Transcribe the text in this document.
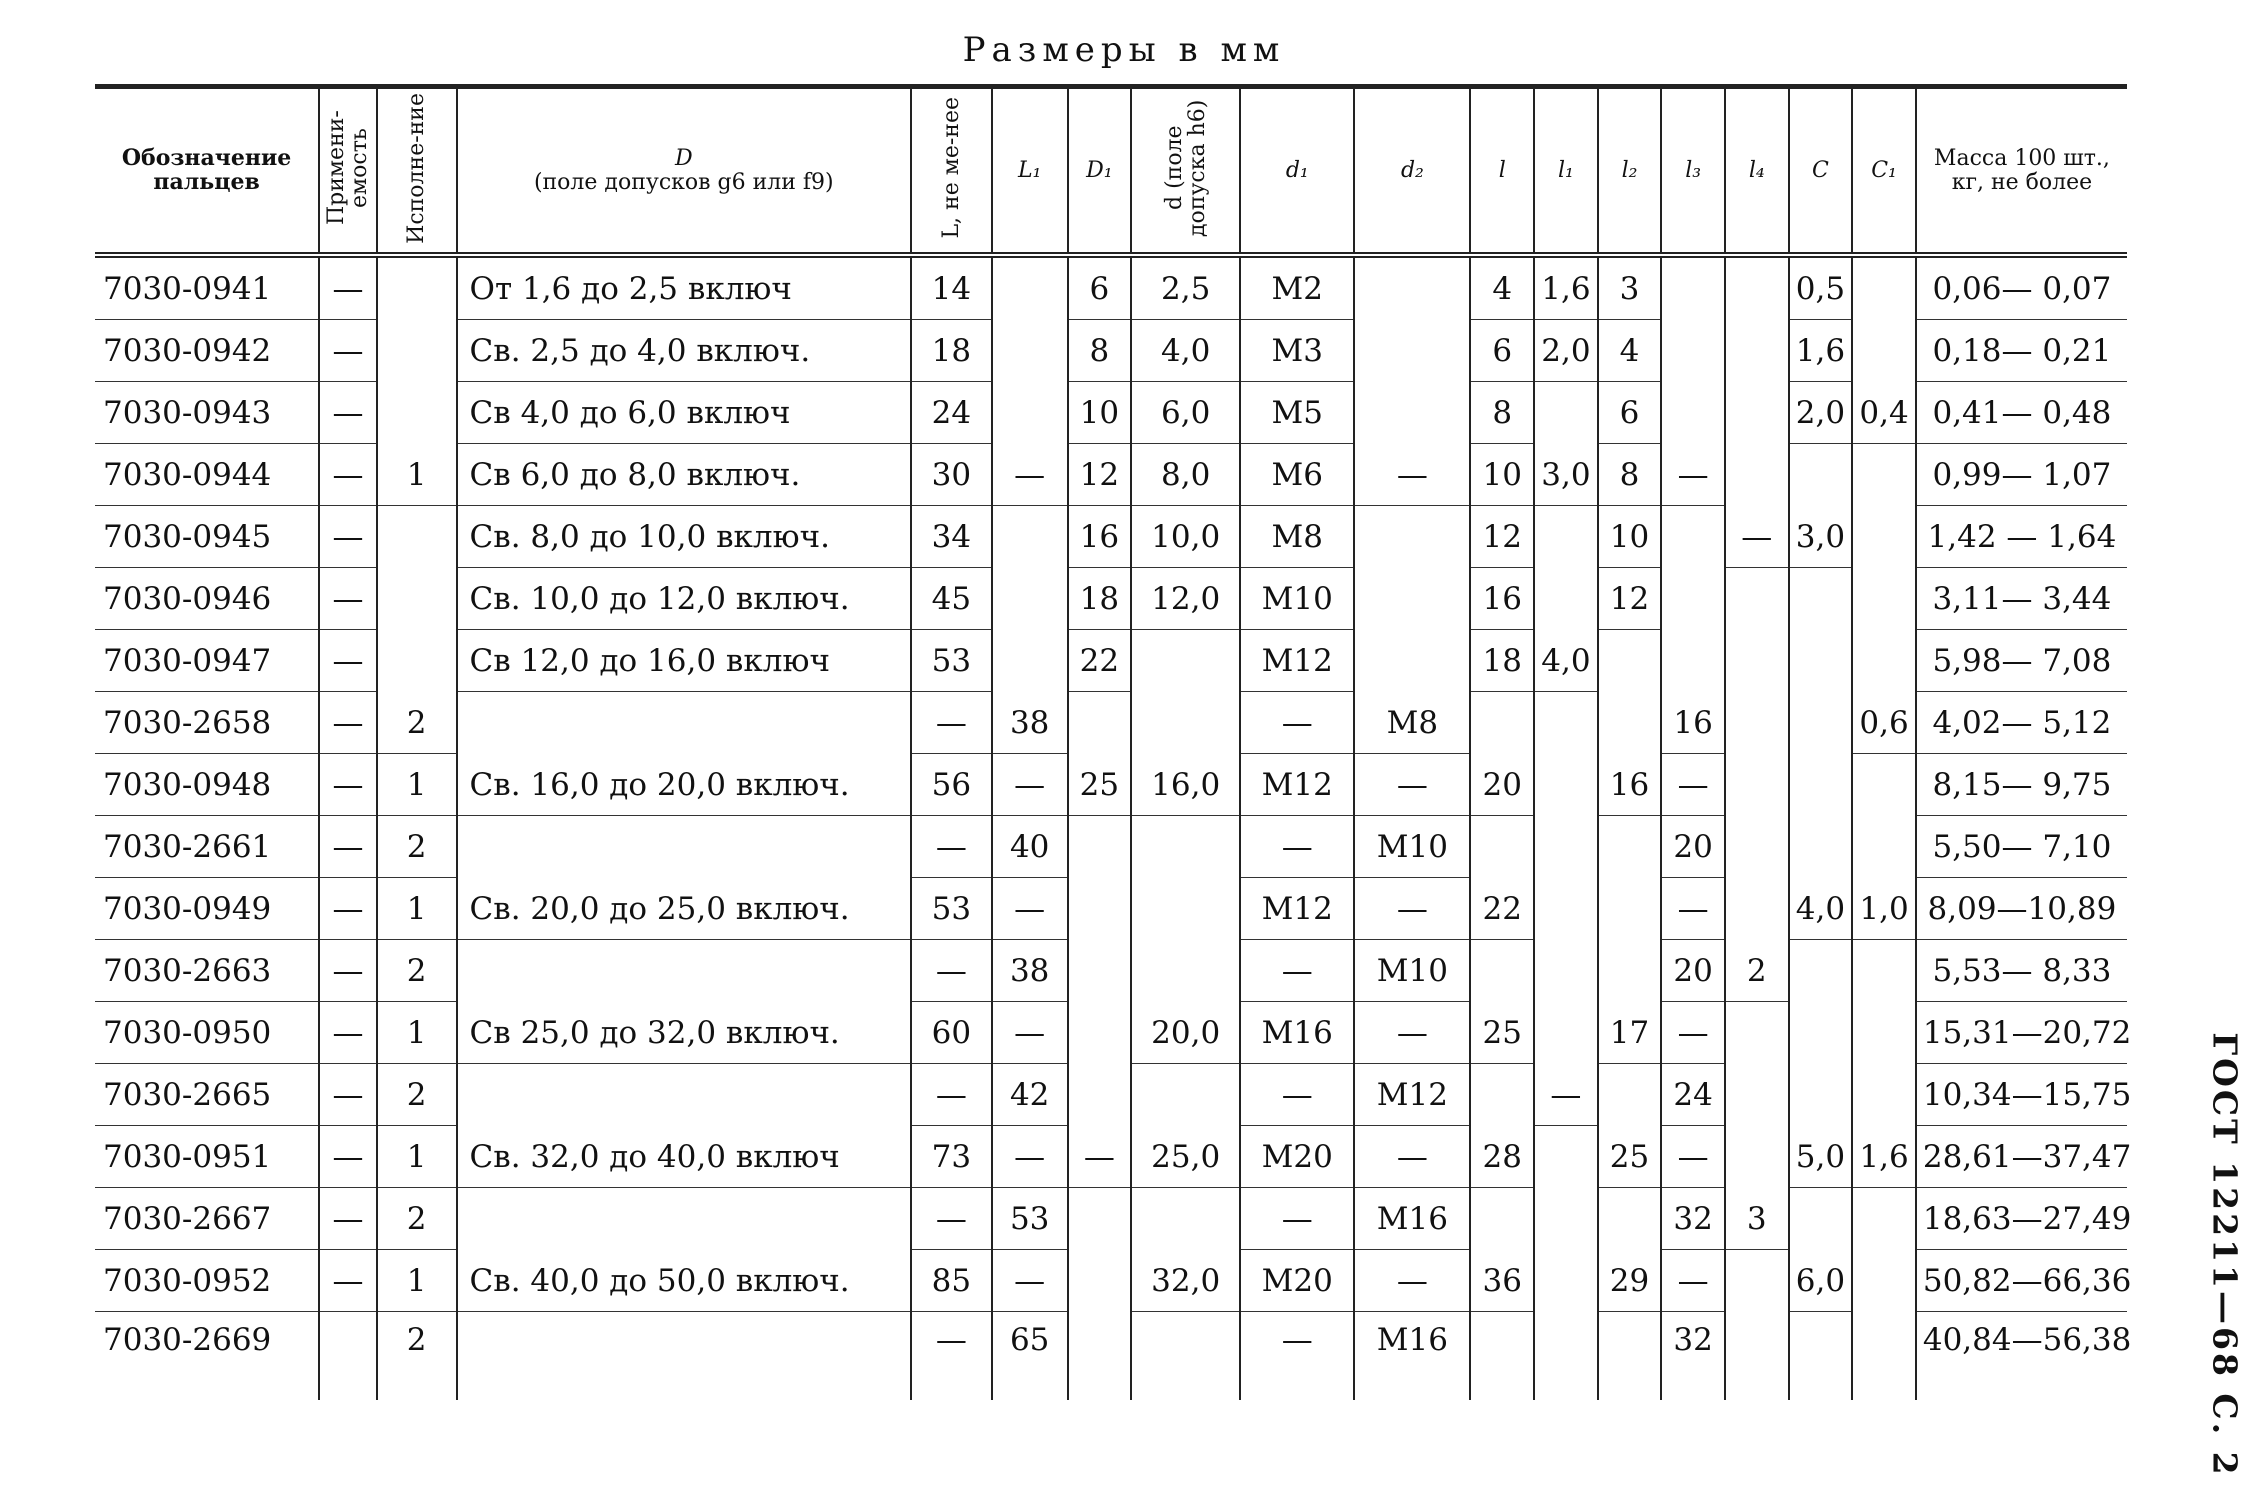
Размеры в мм
Обозначение пальцев	Примени-емость	Исполне-ние	D
(поле допусков g6 или f9)	L, не ме-нее	L₁	D₁	d (поле допуска h6)	d₁	d₂	l	l₁	l₂	l₃	l₄	C	C₁	Масса 100 шт., кг, не более
7030-0941	—		От 1,6 до 2,5 включ	14		6	2,5	М2		4	1,6	3			0,5		0,06— 0,07
7030-0942	—		Св. 2,5 до 4,0 включ.	18		8	4,0	М3		6	2,0	4			1,6		0,18— 0,21
7030-0943	—		Св 4,0 до 6,0 включ	24		10	6,0	М5		8		6			2,0	0,4	0,41— 0,48
7030-0944	—	1	Св 6,0 до 8,0 включ.	30	—	12	8,0	М6	—	10	3,0	8	—				0,99— 1,07
7030-0945	—		Св. 8,0 до 10,0 включ.	34		16	10,0	М8		12		10		—	3,0		1,42 — 1,64
7030-0946	—		Св. 10,0 до 12,0 включ.	45		18	12,0	М10		16		12					3,11— 3,44
7030-0947	—		Св 12,0 до 16,0 включ	53		22		М12		18	4,0						5,98— 7,08
7030-2658	—	2		—	38			—	М8				16			0,6	4,02— 5,12
7030-0948	—	1	Св. 16,0 до 20,0 включ.	56	—	25	16,0	М12	—	20		16	—				8,15— 9,75
7030-2661	—	2		—	40			—	М10				20				5,50— 7,10
7030-0949	—	1	Св. 20,0 до 25,0 включ.	53	—			М12	—	22			—		4,0	1,0	8,09—10,89
7030-2663	—	2		—	38			—	М10				20	2			5,53— 8,33
7030-0950	—	1	Св 25,0 до 32,0 включ.	60	—		20,0	М16	—	25		17	—				15,31—20,72
7030-2665	—	2		—	42			—	М12		—		24				10,34—15,75
7030-0951	—	1	Св. 32,0 до 40,0 включ	73	—	—	25,0	М20	—	28		25	—		5,0	1,6	28,61—37,47
7030-2667	—	2		—	53			—	М16				32	3			18,63—27,49
7030-0952	—	1	Св. 40,0 до 50,0 включ.	85	—		32,0	М20	—	36		29	—		6,0		50,82—66,36
7030-2669		2		—	65			—	М16				32				40,84—56,38 ГОСТ 12211—68 С. 2
